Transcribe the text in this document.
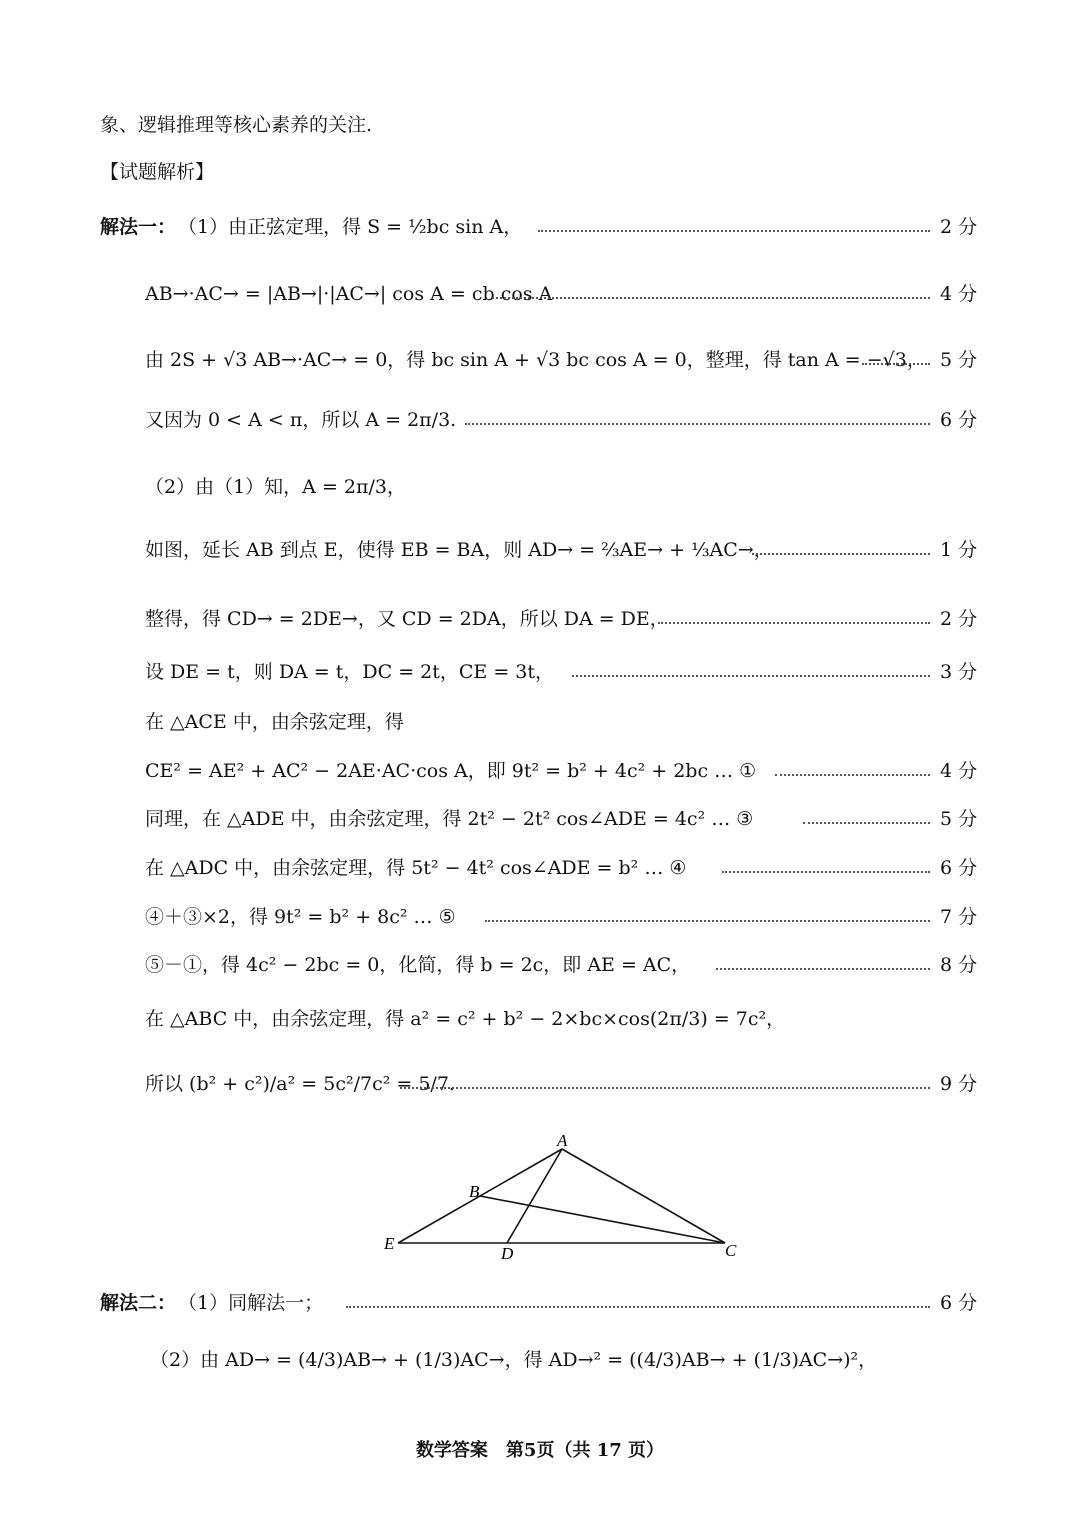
象、逻辑推理等核心素养的关注.
【试题解析】
解法一： （1）由正弦定理，得 S = ½bc sin A，	2 分
AB→·AC→ = |AB→|·|AC→| cos A = cb cos A	4 分
由 2S + √3 AB→·AC→ = 0，得 bc sin A + √3 bc cos A = 0，整理，得 tan A = −√3， 5 分
又因为 0 < A < π，所以 A = 2π/3.	6 分
（2）由（1）知，A = 2π/3，
如图，延长 AB 到点 E，使得 EB = BA，则 AD→ = ⅔AE→ + ⅓AC→，	1 分
整得，得 CD→ = 2DE→，又 CD = 2DA，所以 DA = DE，	2 分
设 DE = t，则 DA = t，DC = 2t，CE = 3t，	3 分
在 △ACE 中，由余弦定理，得
CE² = AE² + AC² − 2AE·AC·cos A，即 9t² = b² + 4c² + 2bc … ①	4 分
同理，在 △ADE 中，由余弦定理，得 2t² − 2t² cos∠ADE = 4c² … ③	5 分
在 △ADC 中，由余弦定理，得 5t² − 4t² cos∠ADE = b² … ④	6 分
④＋③×2，得 9t² = b² + 8c² … ⑤	7 分
⑤－①，得 4c² − 2bc = 0，化简，得 b = 2c，即 AE = AC，	8 分
在 △ABC 中，由余弦定理，得 a² = c² + b² − 2×bc×cos(2π/3) = 7c²，
所以 (b² + c²)/a² = 5c²/7c² = 5/7.	9 分
A
B
C
D
E
解法二： （1）同解法一；	6 分
（2）由 AD→ = (4/3)AB→ + (1/3)AC→，得 AD→² = ((4/3)AB→ + (1/3)AC→)²，
数学答案　第5页（共 17 页）
